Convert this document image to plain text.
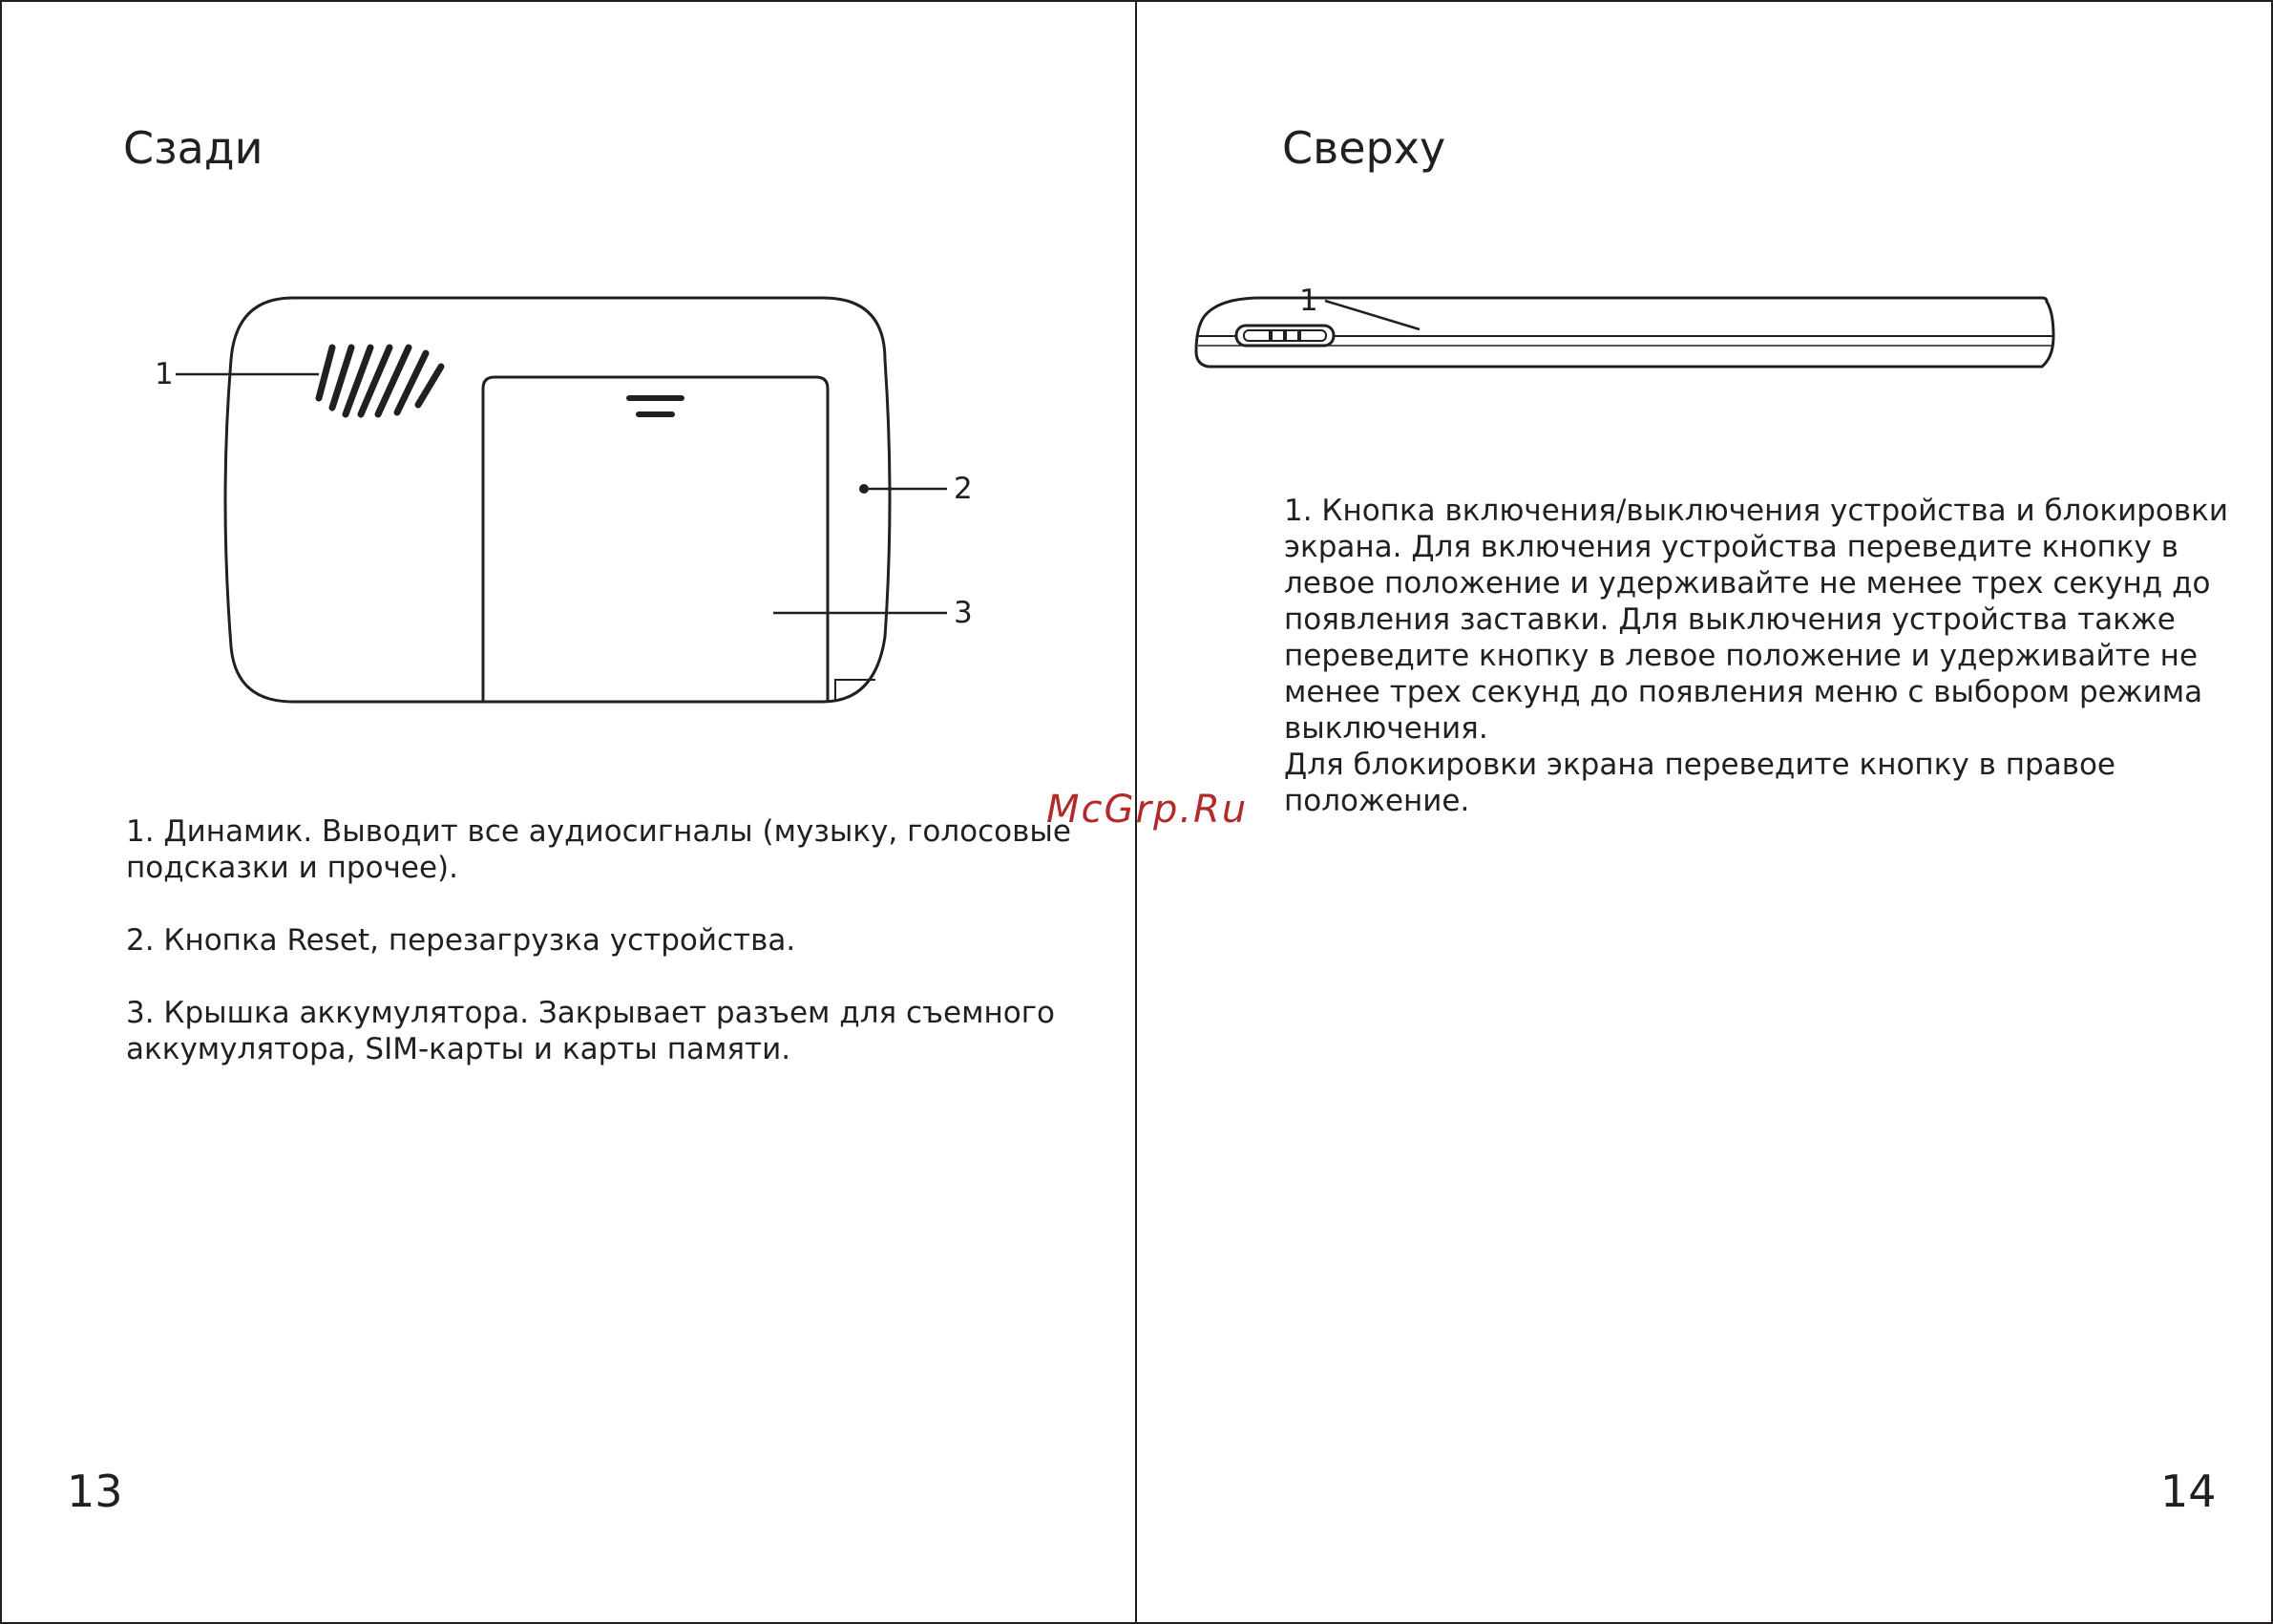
Сзади
1
2
3

1. Динамик. Выводит все аудиосигналы (музыку, голосовые
подсказки и прочее).

2. Кнопка Reset, перезагрузка устройства.

3. Крышка аккумулятора. Закрывает разъем для съемного
аккумулятора, SIM-карты и карты памяти.

13
Сверху
1

1. Кнопка включения/выключения устройства и блокировки
экрана. Для включения устройства переведите кнопку в
левое положение и удерживайте не менее трех секунд до
появления заставки. Для выключения устройства также
переведите кнопку в левое положение и удерживайте не
менее трех секунд до появления меню с выбором режима
выключения.
Для блокировки экрана переведите кнопку в правое
положение.

14
McGrp.Ru
